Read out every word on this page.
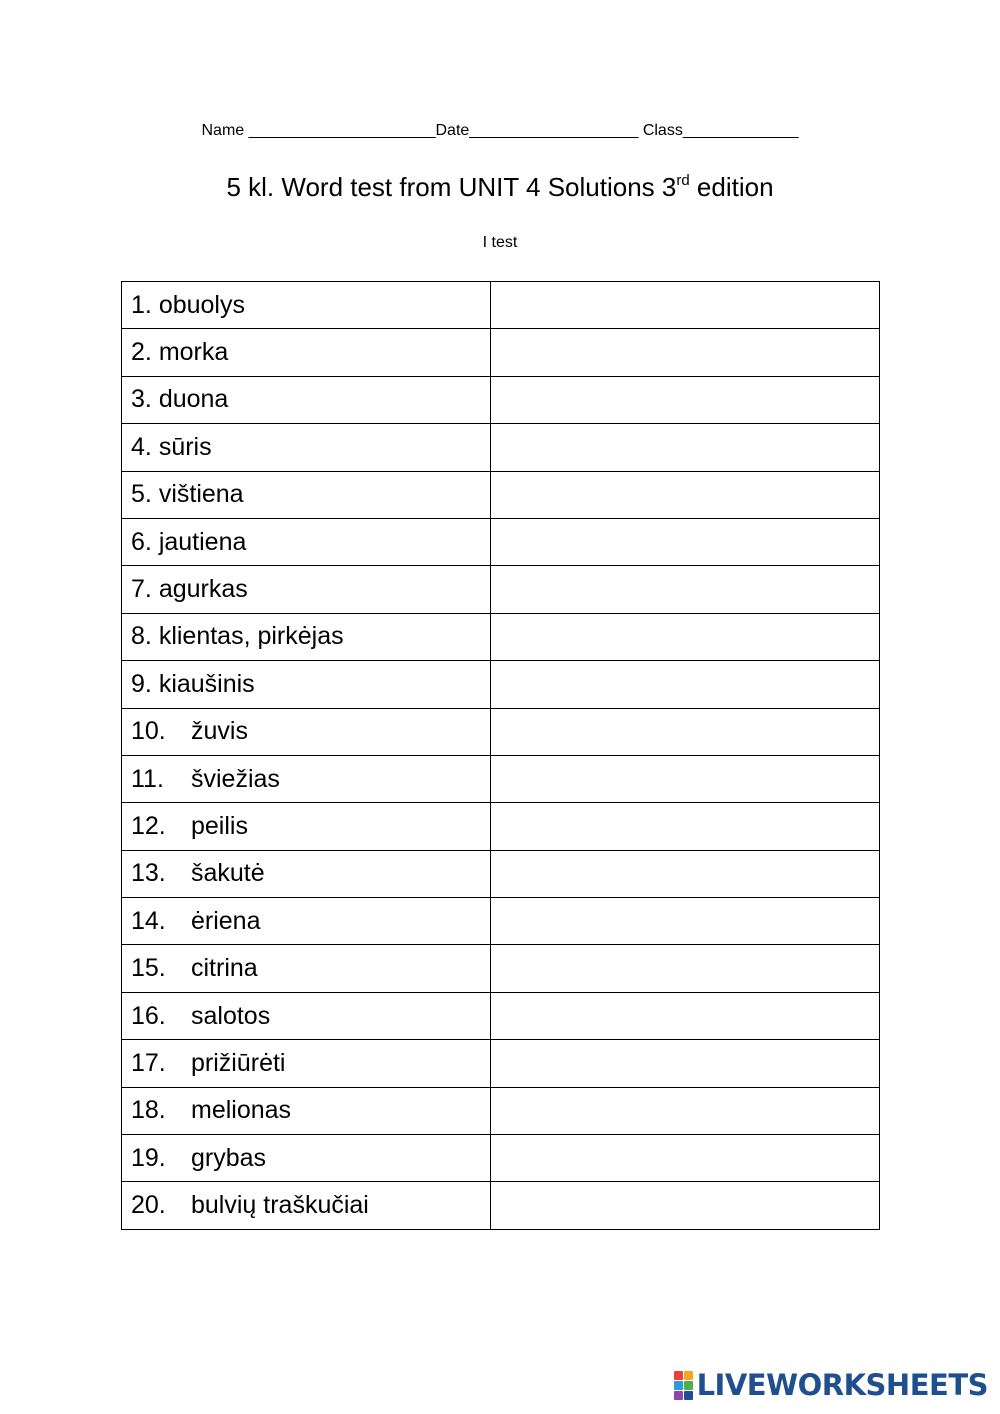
Name _____________________Date___________________ Class_____________
5 kl. Word test from UNIT 4 Solutions 3rd edition
I test
1. obuolys	
2. morka	
3. duona	
4. sūris	
5. vištiena	
6. jautiena	
7. agurkas	
8. klientas, pirkėjas	
9. kiaušinis	
10. žuvis	
11. šviežias	
12. peilis	
13. šakutė	
14. ėriena	
15. citrina	
16. salotos	
17. prižiūrėti	
18. melionas	
19. grybas	
20. bulvių traškučiai	
LIVEWORKSHEETS
